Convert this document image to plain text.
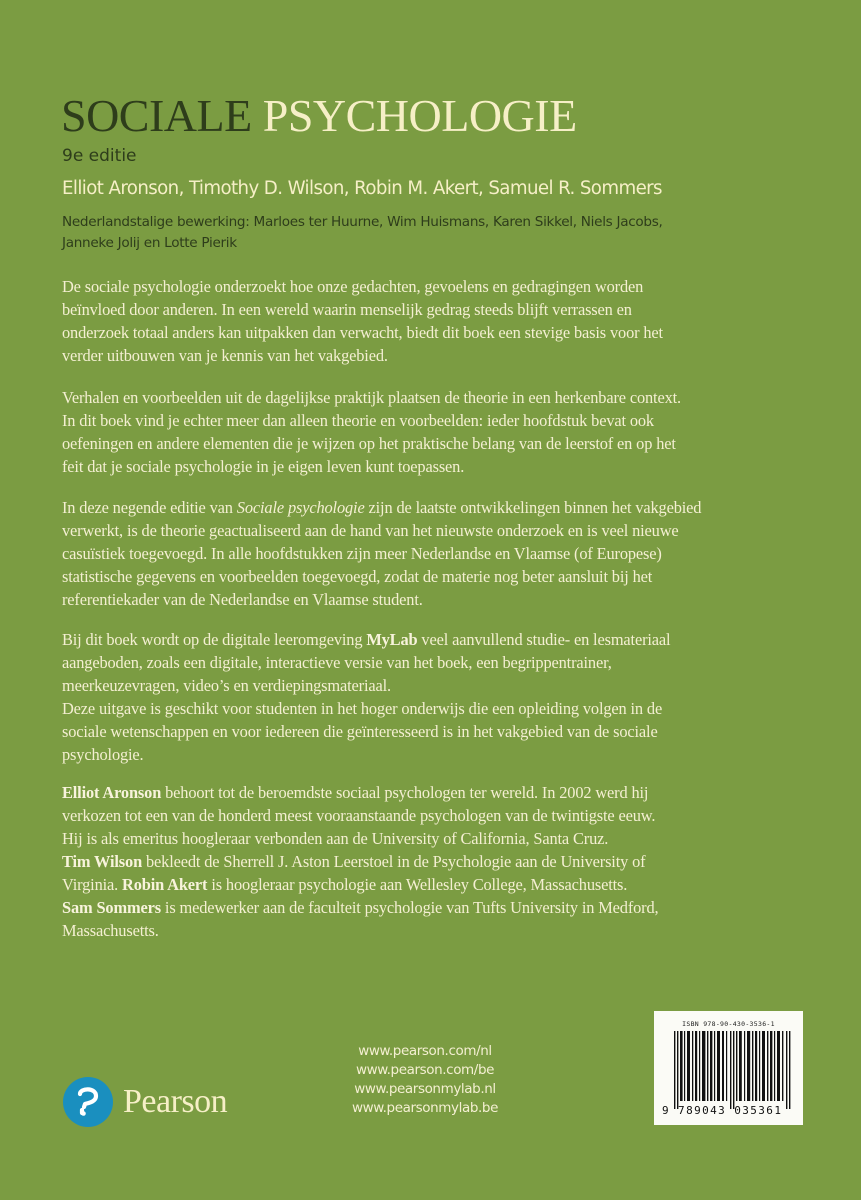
SOCIALE PSYCHOLOGIE
9e editie
Elliot Aronson, Timothy D. Wilson, Robin M. Akert, Samuel R. Sommers
Nederlandstalige bewerking: Marloes ter Huurne, Wim Huismans, Karen Sikkel, Niels Jacobs,
Janneke Jolij en Lotte Pierik
De sociale psychologie onderzoekt hoe onze gedachten, gevoelens en gedragingen worden
beïnvloed door anderen. In een wereld waarin menselijk gedrag steeds blijft verrassen en
onderzoek totaal anders kan uitpakken dan verwacht, biedt dit boek een stevige basis voor het
verder uitbouwen van je kennis van het vakgebied.
Verhalen en voorbeelden uit de dagelijkse praktijk plaatsen de theorie in een herkenbare context.
In dit boek vind je echter meer dan alleen theorie en voorbeelden: ieder hoofdstuk bevat ook
oefeningen en andere elementen die je wijzen op het praktische belang van de leerstof en op het
feit dat je sociale psychologie in je eigen leven kunt toepassen.
In deze negende editie van Sociale psychologie zijn de laatste ontwikkelingen binnen het vakgebied
verwerkt, is de theorie geactualiseerd aan de hand van het nieuwste onderzoek en is veel nieuwe
casuïstiek toegevoegd. In alle hoofdstukken zijn meer Nederlandse en Vlaamse (of Europese)
statistische gegevens en voorbeelden toegevoegd, zodat de materie nog beter aansluit bij het
referentiekader van de Nederlandse en Vlaamse student.
Bij dit boek wordt op de digitale leeromgeving MyLab veel aanvullend studie- en lesmateriaal
aangeboden, zoals een digitale, interactieve versie van het boek, een begrippentrainer,
meerkeuzevragen, video’s en verdiepingsmateriaal.
Deze uitgave is geschikt voor studenten in het hoger onderwijs die een opleiding volgen in de
sociale wetenschappen en voor iedereen die geïnteresseerd is in het vakgebied van de sociale
psychologie.
Elliot Aronson behoort tot de beroemdste sociaal psychologen ter wereld. In 2002 werd hij
verkozen tot een van de honderd meest vooraanstaande psychologen van de twintigste eeuw.
Hij is als emeritus hoogleraar verbonden aan de University of California, Santa Cruz.
Tim Wilson bekleedt de Sherrell J. Aston Leerstoel in de Psychologie aan de University of
Virginia. Robin Akert is hoogleraar psychologie aan Wellesley College, Massachusetts.
Sam Sommers is medewerker aan de faculteit psychologie van Tufts University in Medford,
Massachusetts.
Pearson
www.pearson.com/nl
www.pearson.com/be
www.pearsonmylab.nl
www.pearsonmylab.be
ISBN 978-90-430-3536-1
9 789043 035361
